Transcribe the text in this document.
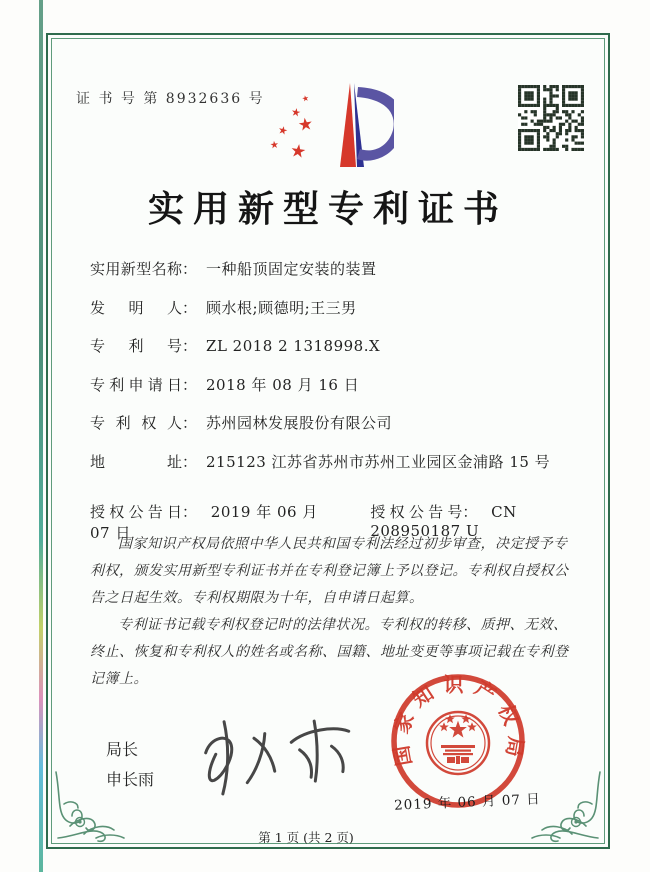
证 书 号 第 8932636 号	★
★
★
★
★ ★
实用新型专利证书
实用新型名称 ： 一种船顶固定安装的装置
发明人 ： 顾水根;顾德明;王三男
专利号 ： ZL 2018 2 1318998.X
专利申请日 ： 2018 年 08 月 16 日
专利权人 ： 苏州园林发展股份有限公司
地址 ： 215123 江苏省苏州市苏州工业园区金浦路 15 号
授权公告日： 2019 年 06 月 07 日
授权公告号： CN 208950187 U

国家知识产权局依照中华人民共和国专利法经过初步审查，决定授予专利权，颁发实用新型专利证书并在专利登记簿上予以登记。专利权自授权公告之日起生效。专利权期限为十年，自申请日起算。

专利证书记载专利权登记时的法律状况。专利权的转移、质押、无效、终止、恢复和专利权人的姓名或名称、国籍、地址变更等事项记载在专利登记簿上。

局长
申长雨
国家知识产权局
2019 年 06 月 07 日
第 1 页 (共 2 页)
